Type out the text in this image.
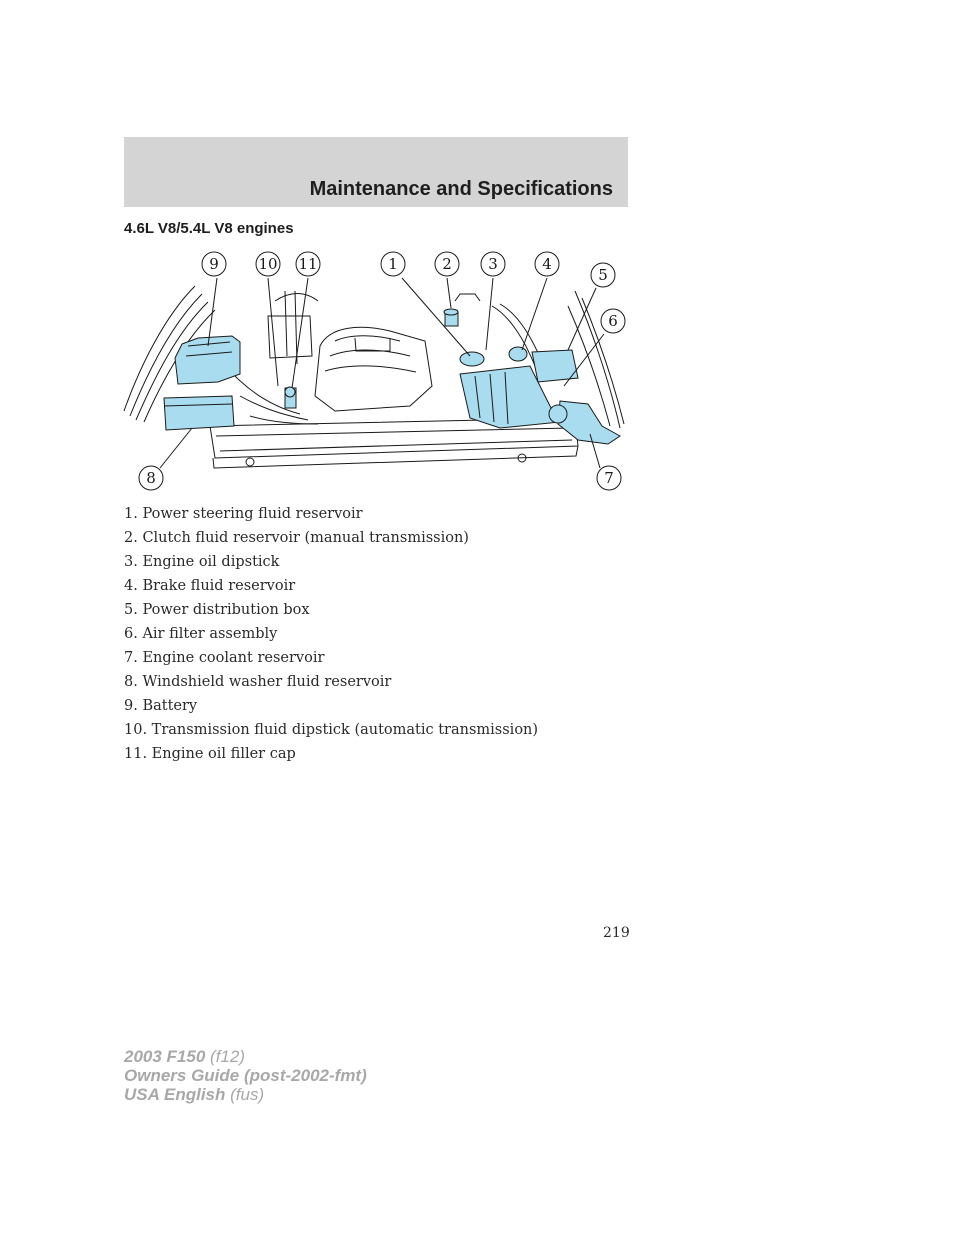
Maintenance and Specifications
4.6L V8/5.4L V8 engines
9	10 11	1	2 3	4
5
6
8	7
1. Power steering fluid reservoir
2. Clutch fluid reservoir (manual transmission)
3. Engine oil dipstick
4. Brake fluid reservoir
5. Power distribution box
6. Air filter assembly
7. Engine coolant reservoir
8. Windshield washer fluid reservoir
9. Battery
10. Transmission fluid dipstick (automatic transmission)
11. Engine oil filler cap
219
2003 F150 (f12)
Owners Guide (post-2002-fmt)
USA English (fus)
